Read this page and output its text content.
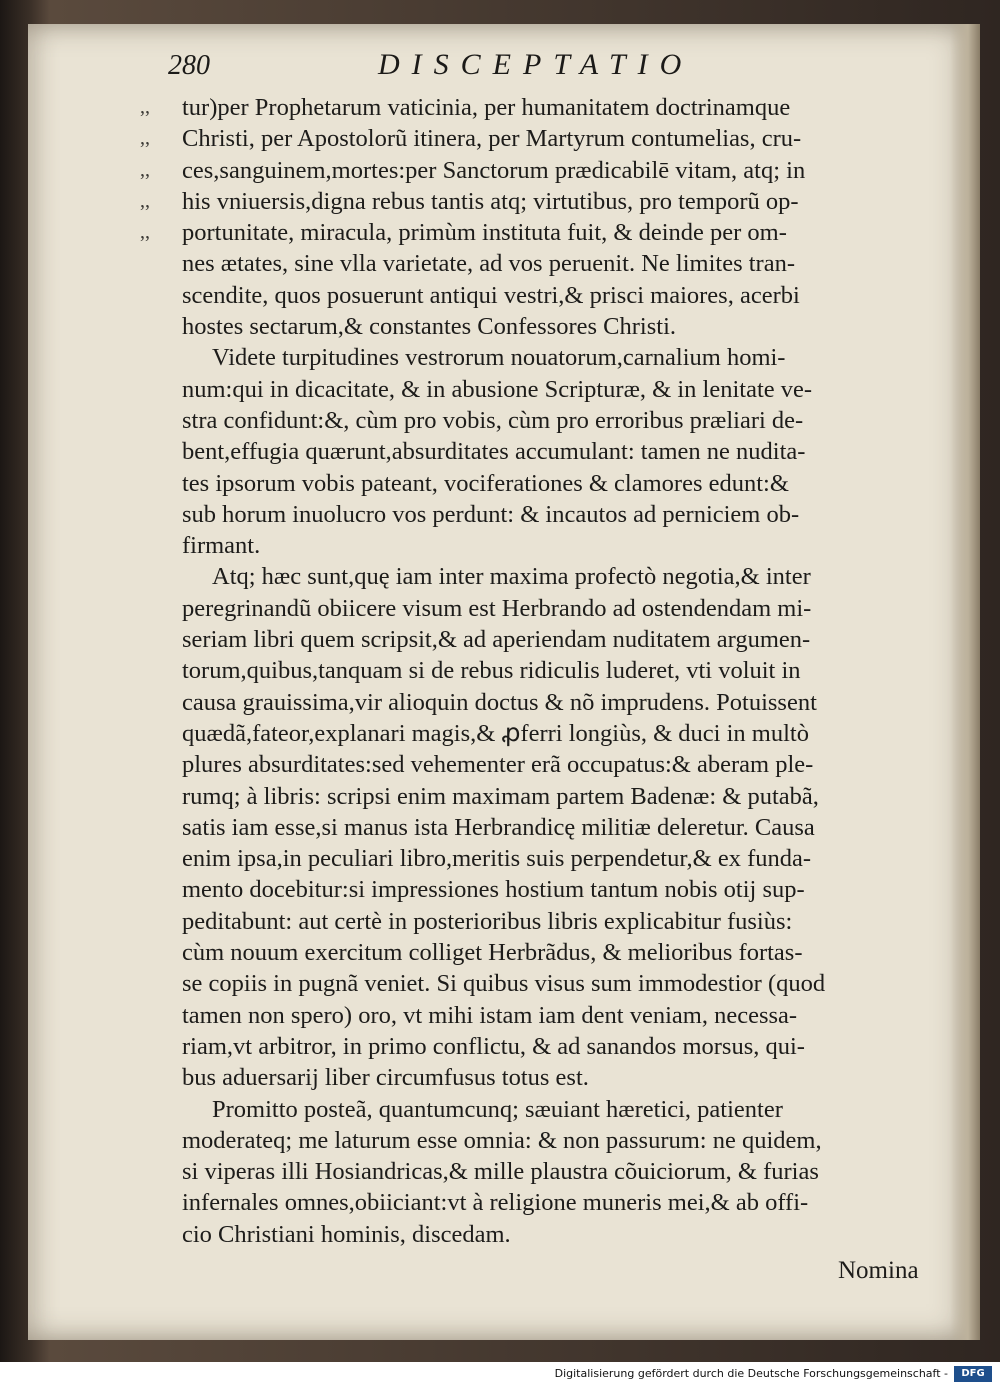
280	DISCEPTATIO
,,	tur)per Prophetarum vaticinia, per humanitatem doctrinamque
,,	Christi, per Apostolorũ itinera, per Martyrum contumelias, cru-
,,	ces,sanguinem,mortes:per Sanctorum prædicabilē vitam, atq; in
,,	his vniuersis,digna rebus tantis atq; virtutibus, pro temporũ op-
,,	portunitate, miracula, primùm instituta fuit, & deinde per om-
nes ætates, sine vlla varietate, ad vos peruenit. Ne limites tran-
scendite, quos posuerunt antiqui vestri,& prisci maiores, acerbi
hostes sectarum,& constantes Confessores Christi.
Videte turpitudines vestrorum nouatorum,carnalium homi-
num:qui in dicacitate, & in abusione Scripturæ, & in lenitate ve-
stra confidunt:&, cùm pro vobis, cùm pro erroribus præliari de-
bent,effugia quærunt,absurditates accumulant: tamen ne nudita-
tes ipsorum vobis pateant, vociferationes & clamores edunt:&
sub horum inuolucro vos perdunt: & incautos ad perniciem ob-
firmant.
Atq; hæc sunt,quę iam inter maxima profectò negotia,& inter
peregrinandũ obiicere visum est Herbrando ad ostendendam mi-
seriam libri quem scripsit,& ad aperiendam nuditatem argumen-
torum,quibus,tanquam si de rebus ridiculis luderet, vti voluit in
causa grauissima,vir alioquin doctus & nõ imprudens. Potuissent
quædã,fateor,explanari magis,& ꝓferri longiùs, & duci in multò
plures absurditates:sed vehementer erã occupatus:& aberam ple-
rumq; à libris: scripsi enim maximam partem Badenæ: & putabã,
satis iam esse,si manus ista Herbrandicę militiæ deleretur. Causa
enim ipsa,in peculiari libro,meritis suis perpendetur,& ex funda-
mento docebitur:si impressiones hostium tantum nobis otij sup-
peditabunt: aut certè in posterioribus libris explicabitur fusiùs:
cùm nouum exercitum colliget Herbrãdus, & melioribus fortas-
se copiis in pugnã veniet. Si quibus visus sum immodestior (quod
tamen non spero) oro, vt mihi istam iam dent veniam, necessa-
riam,vt arbitror, in primo conflictu, & ad sanandos morsus, qui-
bus aduersarij liber circumfusus totus est.
Promitto posteã, quantumcunq; sæuiant hæretici, patienter
moderateq; me laturum esse omnia: & non passurum: ne quidem,
si viperas illi Hosiandricas,& mille plaustra cõuiciorum, & furias
infernales omnes,obiiciant:vt à religione muneris mei,& ab offi-
cio Christiani hominis, discedam.
Nomina
Digitalisierung gefördert durch die Deutsche Forschungsgemeinschaft -	DFG
